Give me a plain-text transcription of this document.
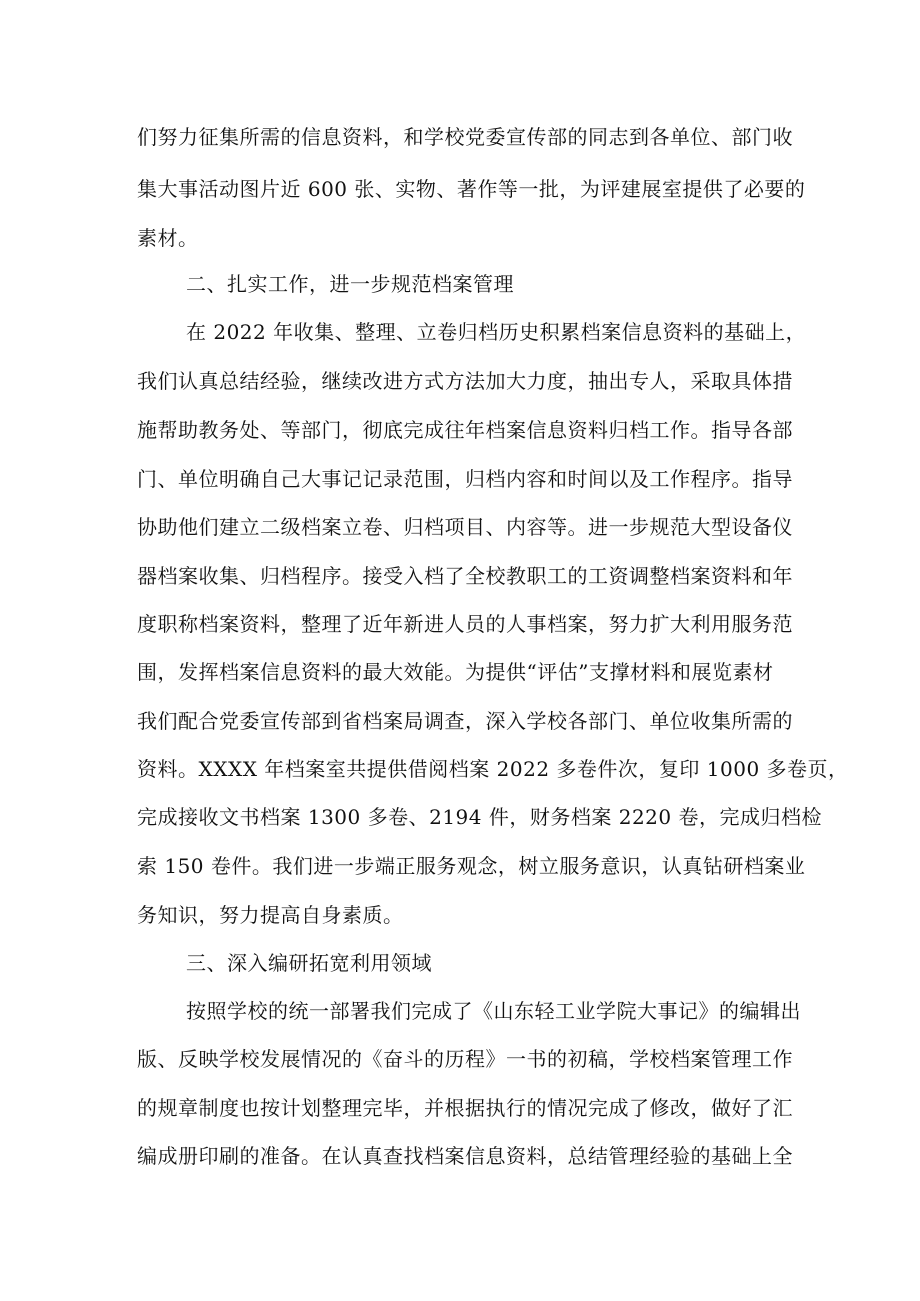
们努力征集所需的信息资料，和学校党委宣传部的同志到各单位、部门收
集大事活动图片近 600 张、实物、著作等一批，为评建展室提供了必要的
素材。
二、扎实工作，进一步规范档案管理
在 2022 年收集、整理、立卷归档历史积累档案信息资料的基础上，
我们认真总结经验，继续改进方式方法加大力度，抽出专人，采取具体措
施帮助教务处、等部门，彻底完成往年档案信息资料归档工作。指导各部
门、单位明确自己大事记记录范围，归档内容和时间以及工作程序。指导
协助他们建立二级档案立卷、归档项目、内容等。进一步规范大型设备仪
器档案收集、归档程序。接受入档了全校教职工的工资调整档案资料和年
度职称档案资料，整理了近年新进人员的人事档案，努力扩大利用服务范
围，发挥档案信息资料的最大效能。为提供“评估”支撑材料和展览素材
我们配合党委宣传部到省档案局调查，深入学校各部门、单位收集所需的
资料。XXXX 年档案室共提供借阅档案 2022 多卷件次，复印 1000 多卷页，
完成接收文书档案 1300 多卷、2194 件，财务档案 2220 卷，完成归档检
索 150 卷件。我们进一步端正服务观念，树立服务意识，认真钻研档案业
务知识，努力提高自身素质。
三、深入编研拓宽利用领域
按照学校的统一部署我们完成了《山东轻工业学院大事记》的编辑出
版、反映学校发展情况的《奋斗的历程》一书的初稿，学校档案管理工作
的规章制度也按计划整理完毕，并根据执行的情况完成了修改，做好了汇
编成册印刷的准备。在认真查找档案信息资料，总结管理经验的基础上全
